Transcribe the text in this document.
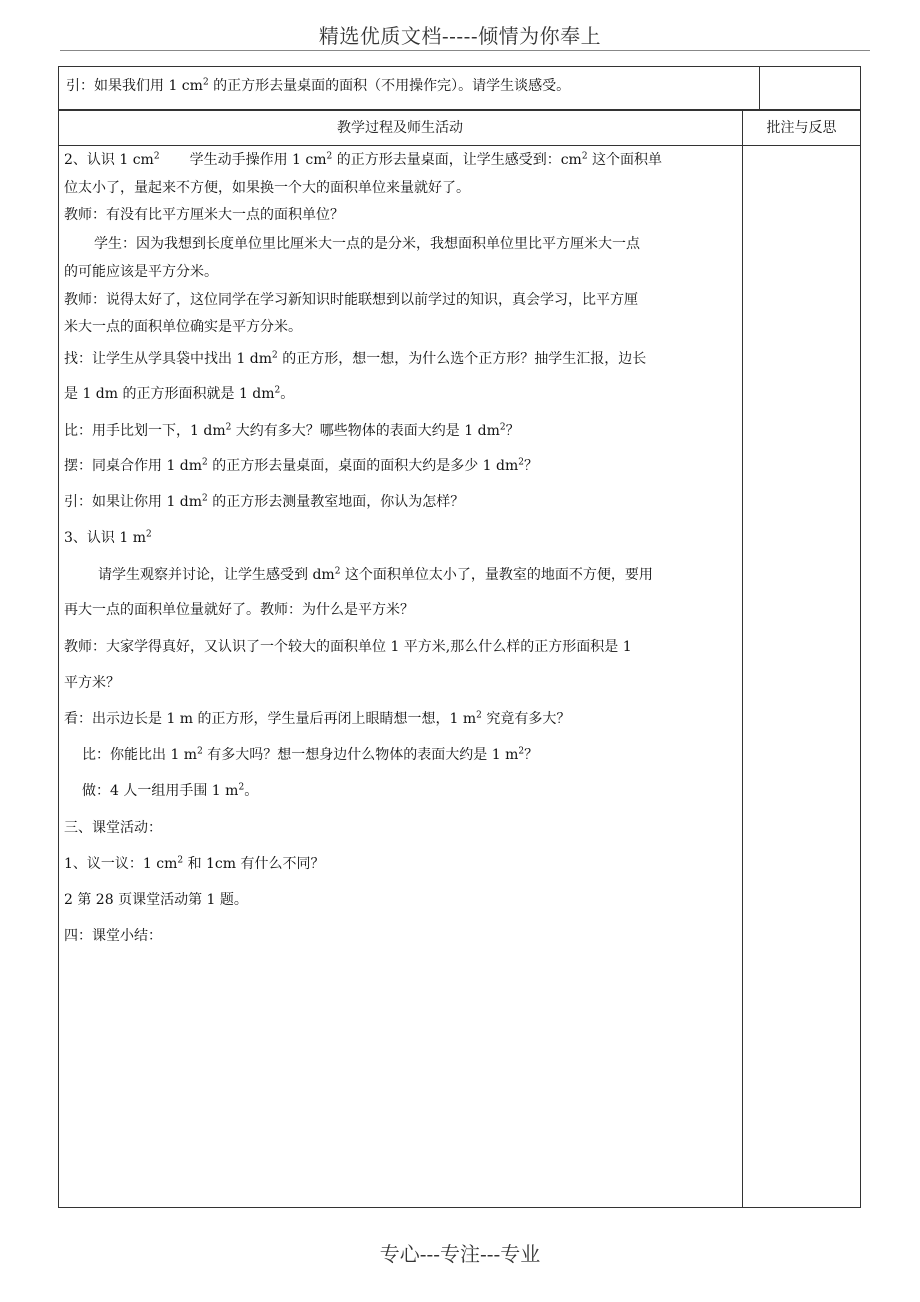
精选优质文档-----倾情为你奉上
引：如果我们用 1 $cm^2$ 的正方形去量桌面的面积（不用操作完）。请学生谈感受。
教学过程及师生活动	批注与反思
2、认识 1 $cm^2$ 学生动手操作用 1 $cm^2$ 的正方形去量桌面，让学生感受到：$cm^2$ 这个面积单
位太小了，量起来不方便，如果换一个大的面积单位来量就好了。
教师：有没有比平方厘米大一点的面积单位？
学生：因为我想到长度单位里比厘米大一点的是分米，我想面积单位里比平方厘米大一点
的可能应该是平方分米。
教师：说得太好了，这位同学在学习新知识时能联想到以前学过的知识，真会学习，比平方厘
米大一点的面积单位确实是平方分米。
找：让学生从学具袋中找出 1 $dm^2$ 的正方形，想一想，为什么选个正方形？抽学生汇报，边长
是 1 dm 的正方形面积就是 1 $dm^2$。
比：用手比划一下，1 $dm^2$ 大约有多大？哪些物体的表面大约是 1 $dm^2$？
摆：同桌合作用 1 $dm^2$ 的正方形去量桌面，桌面的面积大约是多少 1 $dm^2$？
引：如果让你用 1 $dm^2$ 的正方形去测量教室地面，你认为怎样？
3、认识 1 $m^2$
请学生观察并讨论，让学生感受到 $dm^2$ 这个面积单位太小了，量教室的地面不方便，要用
再大一点的面积单位量就好了。教师：为什么是平方米？
教师：大家学得真好，又认识了一个较大的面积单位 1 平方米,那么什么样的正方形面积是 1
平方米？
看：出示边长是 1 m 的正方形，学生量后再闭上眼睛想一想，1 $m^2$ 究竟有多大？
比：你能比出 1 $m^2$ 有多大吗？想一想身边什么物体的表面大约是 1 $m^2$？
做：4 人一组用手围 1 $m^2$。
三、课堂活动：
1、议一议：1 $cm^2$ 和 1cm 有什么不同？
2 第 28 页课堂活动第 1 题。
四：课堂小结：
专心---专注---专业
